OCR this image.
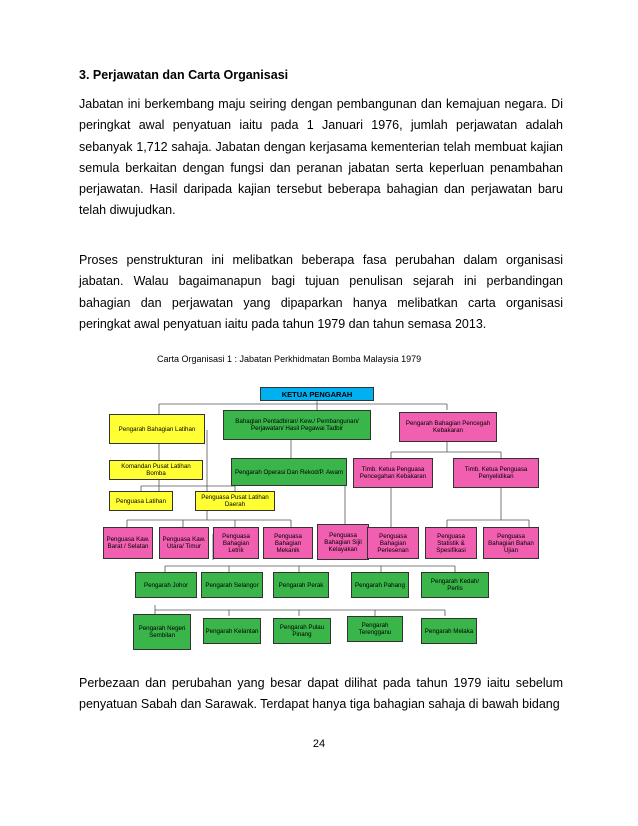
3. Perjawatan dan Carta Organisasi

Jabatan ini berkembang maju seiring dengan pembangunan dan kemajuan negara. Di peringkat awal penyatuan iaitu pada 1 Januari 1976, jumlah perjawatan adalah sebanyak 1,712 sahaja. Jabatan dengan kerjasama kementerian telah membuat kajian semula berkaitan dengan fungsi dan peranan jabatan serta keperluan penambahan perjawatan. Hasil daripada kajian tersebut beberapa bahagian dan perjawatan baru telah diwujudkan.

Proses penstrukturan ini melibatkan beberapa fasa perubahan dalam organisasi jabatan. Walau bagaimanapun bagi tujuan penulisan sejarah ini perbandingan bahagian dan perjawatan yang dipaparkan hanya melibatkan carta organisasi peringkat awal penyatuan iaitu pada tahun 1979 dan tahun semasa 2013.

Carta Organisasi 1 : Jabatan Perkhidmatan Bomba Malaysia 1979
KETUA PENGARAH
Pengarah Bahagian Latihan
Bahagian Pentadbiran/ Kew./ Pembangunan/ Perjawatan/ Hasil Pegawai Tadbir
Pengarah Bahagian Pencegah Kebakaran
Komandan Pusat Latihan Bomba	Pengarah Operasi Dan Rekod/P. Awam	Timb. Ketua Penguasa Pencegahan Kebakaran
Timb. Ketua Penguasa Penyelidikan
Penguasa Latihan	Penguasa Pusat Latihan Daerah
Penguasa Kaw. Barat / Selatan
Penguasa Kaw. Utara/ Timur
Penguasa Bahagian Letrik
Penguasa Bahagian Mekanik
Penguasa Bahagian Sijil Kelayakan
Penguasa Bahagian Perlesenan
Penguasa Statistik & Spesifikasi
Penguasa Bahagian Bahan Ujian
Pengarah Johor	Pengarah Selangor	Pengarah Perak	Pengarah Pahang	Pengarah Kedah/ Perlis
Pengarah Negeri Sembilan
Pengarah Kelantan	Pengarah Pulau Pinang
Pengarah Terengganu	Pengarah Melaka

Perbezaan dan perubahan yang besar dapat dilihat pada tahun 1979 iaitu sebelum penyatuan Sabah dan Sarawak. Terdapat hanya tiga bahagian sahaja di bawah bidang

24
